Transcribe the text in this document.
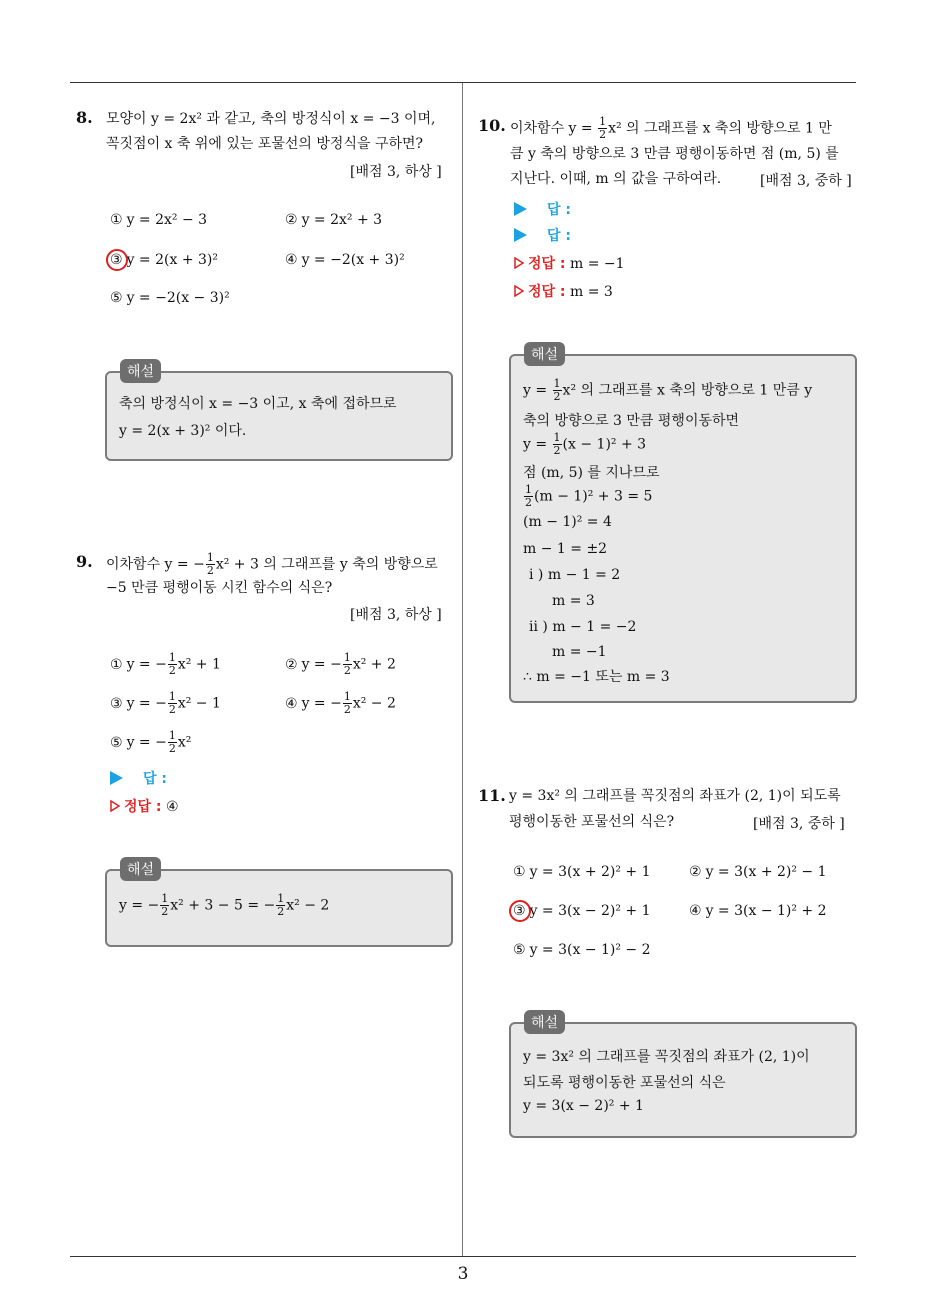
3
8. 모양이 y = 2x² 과 같고, 축의 방정식이 x = −3 이며,
꼭짓점이 x 축 위에 있는 포물선의 방정식을 구하면?
[배점 3, 하상 ]
① y = 2x² − 3	② y = 2x² + 3
③ y = 2(x + 3)²	④ y = −2(x + 3)²
⑤ y = −2(x − 3)²
축의 방정식이 x = −3 이고, x 축에 접하므로
y = 2(x + 3)² 이다.
해설
9. 이차함수 y = − $\frac{1}{2} x^2 + 3$ 의 그래프를 y 축의 방향으로
−5 만큼 평행이동 시킨 함수의 식은?
[배점 3, 하상 ]
① y = − $\frac{1}{2} x^2 + 1$	② y = − $\frac{1}{2} x^2 + 2$
③ y = − $\frac{1}{2} x^2 - 1$	④ y = − $\frac{1}{2} x^2 - 2$
⑤ y = − $\frac{1}{2} x^2$
답 :
정답 : ④
y = − $\frac{1}{2} x^2 + 3 - 5$ = − $\frac{1}{2} x^2 - 2$
해설
10. 이차함수 $y = \frac{1}{2} x^2$ 의 그래프를 x 축의 방향으로 1 만
큼 y 축의 방향으로 3 만큼 평행이동하면 점 (m, 5) 를
지난다. 이때, m 의 값을 구하여라.	[배점 3, 중하 ]
답 :
답 :
정답 : m = −1
정답 : m = 3
$y = \frac{1}{2} x^2$ 의 그래프를 x 축의 방향으로 1 만큼 y
축의 방향으로 3 만큼 평행이동하면
$y = \frac{1}{2} (x - 1)^2 + 3$
점 (m, 5) 를 지나므로
$\frac{1}{2} (m - 1)^2 + 3 = 5$
(m − 1)² = 4
m − 1 = ±2
i ) m − 1 = 2
m = 3
ii ) m − 1 = −2
m = −1
∴ m = −1 또는 m = 3
해설
11. y = 3x² 의 그래프를 꼭짓점의 좌표가 (2, 1)이 되도록
평행이동한 포물선의 식은?	[배점 3, 중하 ]
① y = 3(x + 2)² + 1	② y = 3(x + 2)² − 1
③ y = 3(x − 2)² + 1	④ y = 3(x − 1)² + 2
⑤ y = 3(x − 1)² − 2
y = 3x² 의 그래프를 꼭짓점의 좌표가 (2, 1)이
되도록 평행이동한 포물선의 식은
y = 3(x − 2)² + 1
해설
